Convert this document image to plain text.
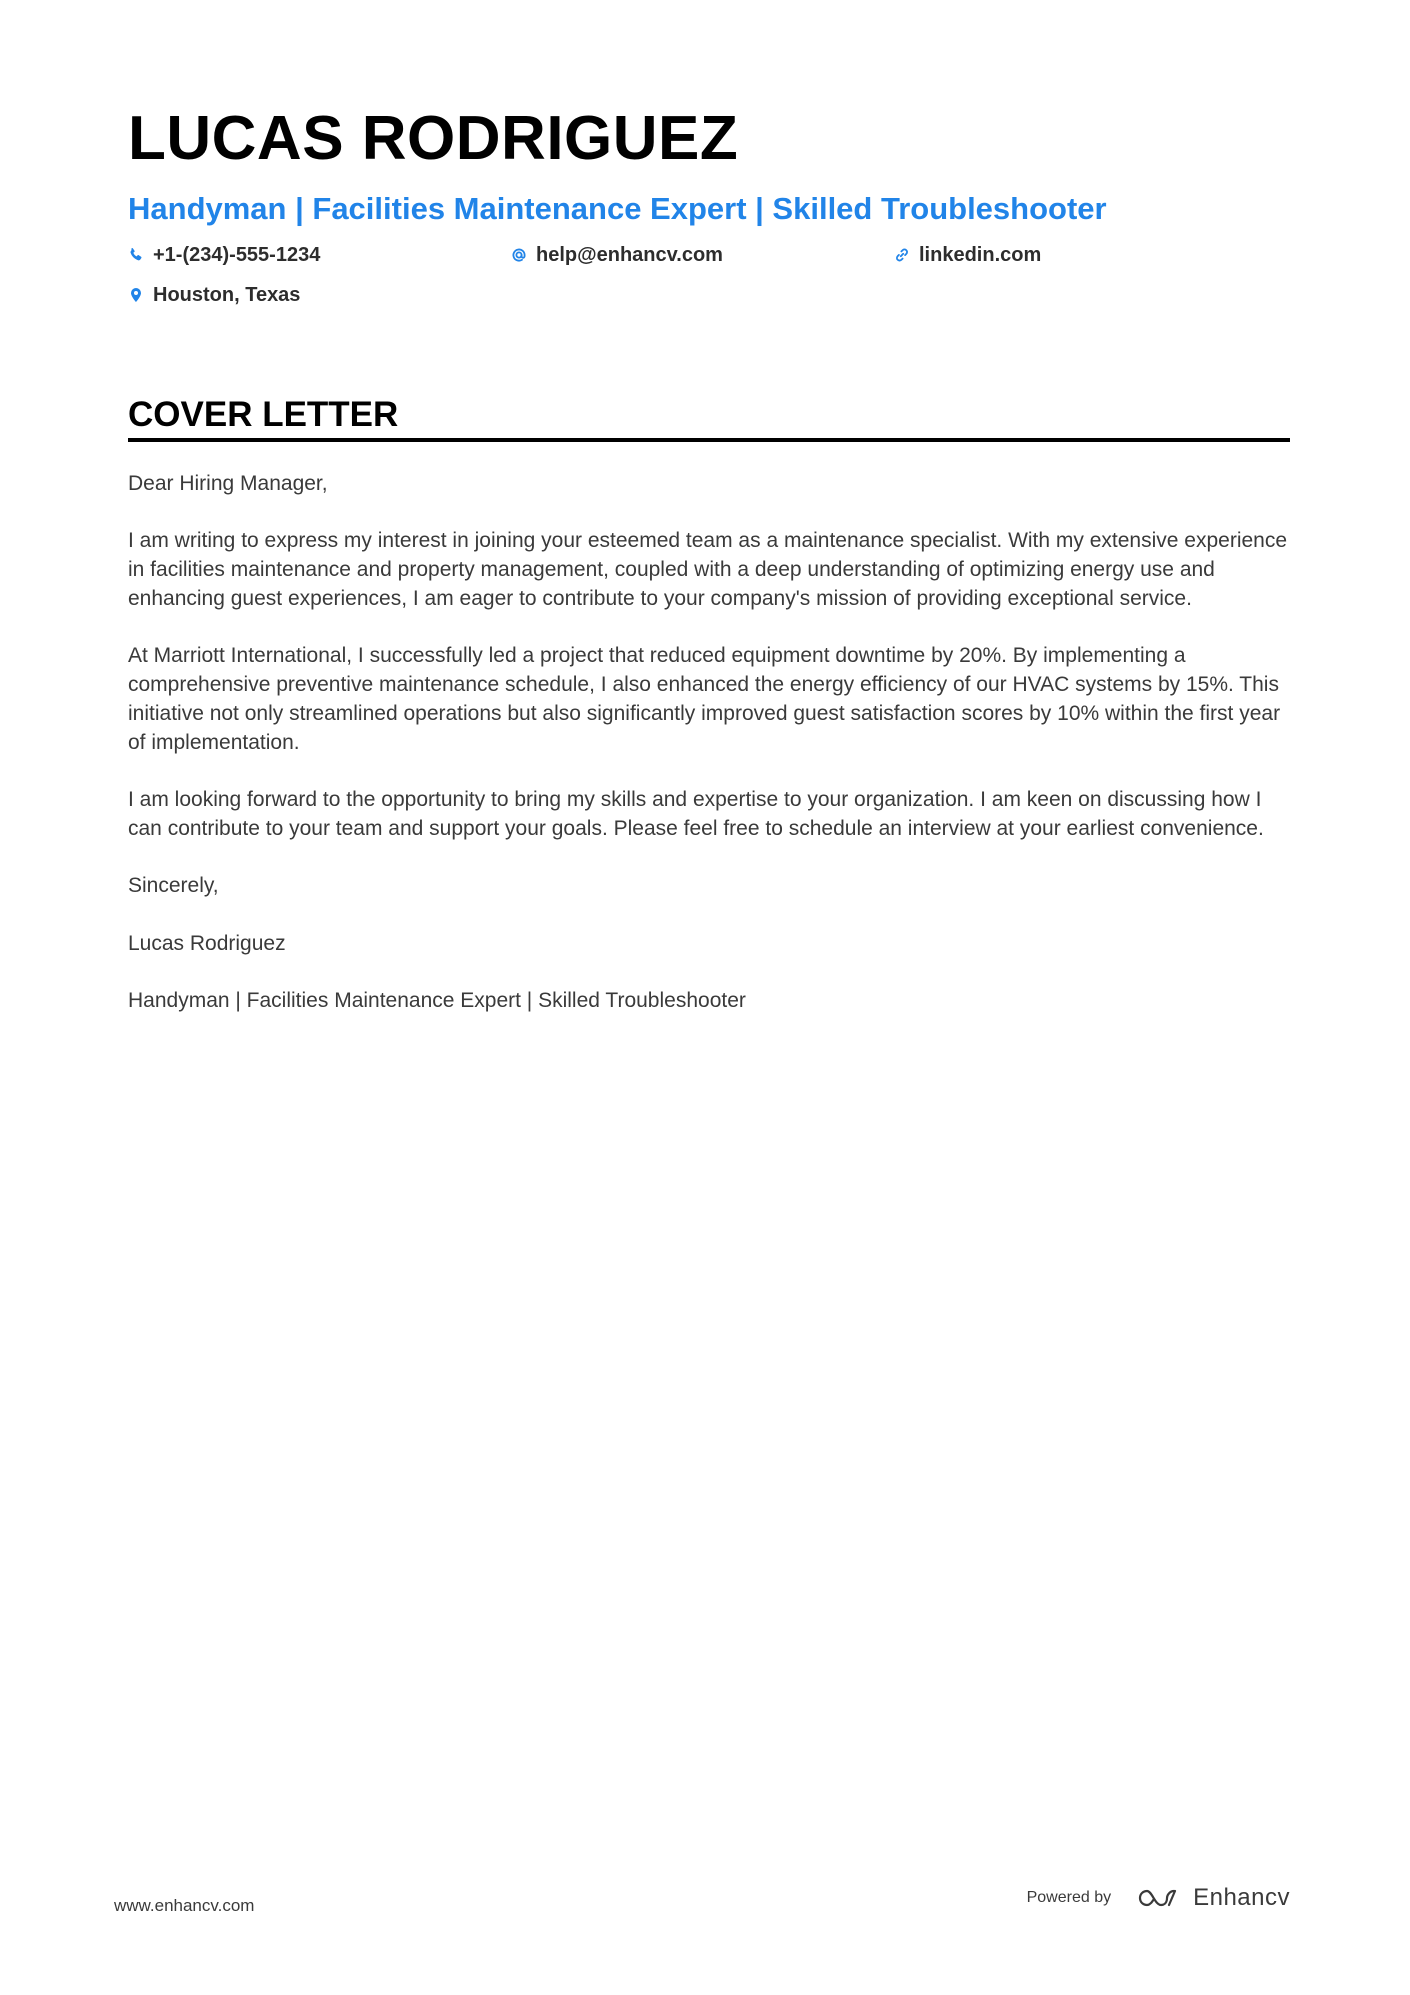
LUCAS RODRIGUEZ
Handyman | Facilities Maintenance Expert | Skilled Troubleshooter
+1-(234)-555-1234	help@enhancv.com	linkedin.com
Houston, Texas
COVER LETTER

Dear Hiring Manager,

I am writing to express my interest in joining your esteemed team as a maintenance specialist. With my extensive experience in facilities maintenance and property management, coupled with a deep understanding of optimizing energy use and enhancing guest experiences, I am eager to contribute to your company's mission of providing exceptional service.

At Marriott International, I successfully led a project that reduced equipment downtime by 20%. By implementing a comprehensive preventive maintenance schedule, I also enhanced the energy efficiency of our HVAC systems by 15%. This initiative not only streamlined operations but also significantly improved guest satisfaction scores by 10% within the first year of implementation.

I am looking forward to the opportunity to bring my skills and expertise to your organization. I am keen on discussing how I can contribute to your team and support your goals. Please feel free to schedule an interview at your earliest convenience.

Sincerely,

Lucas Rodriguez

Handyman | Facilities Maintenance Expert | Skilled Troubleshooter

www.enhancv.com	Powered by	Enhancv
